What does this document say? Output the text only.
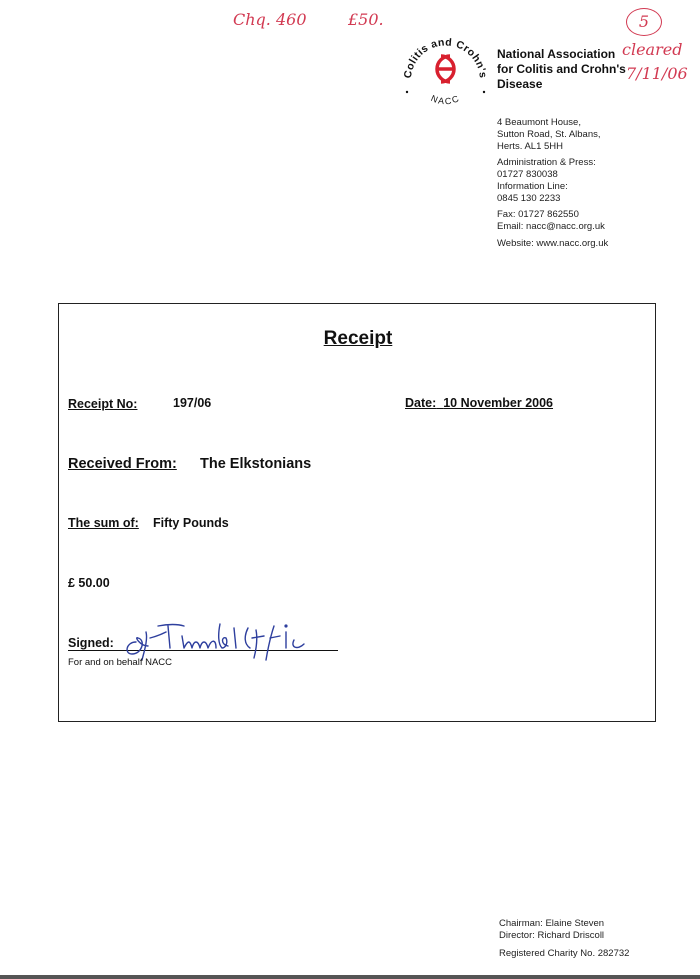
Chq. 460	£50.	5
cleared
7/11/06
Colitis and Crohn's
NACC
National Association
for Colitis and Crohn's
Disease
4 Beaumont House,
Sutton Road, St. Albans,
Herts. AL1 5HH
Administration & Press:
01727 830038
Information Line:
0845 130 2233
Fax: 01727 862550
Email: nacc@nacc.org.uk
Website: www.nacc.org.uk
Receipt
Receipt No:	197/06	Date: 10 November 2006
Received From: The Elkstonians
The sum of: Fifty Pounds
£ 50.00
Signed:
For and on behalf NACC
Chairman: Elaine Steven
Director: Richard Driscoll
Registered Charity No. 282732
